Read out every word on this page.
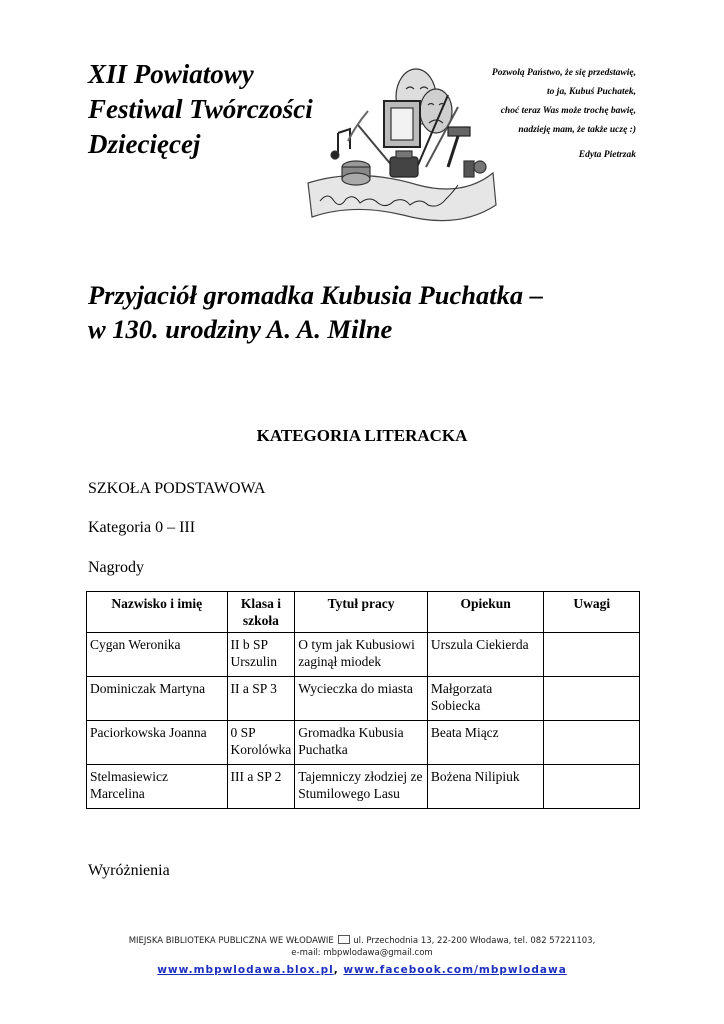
XII Powiatowy
Festiwal Twórczości
Dziecięcej
Pozwolą Państwo, że się przedstawię,
to ja, Kubuś Puchatek,
choć teraz Was może trochę bawię,
nadzieję mam, że także uczę :)
Edyta Pietrzak
Przyjaciół gromadka Kubusia Puchatka –
w 130. urodziny A. A. Milne
KATEGORIA LITERACKA
SZKOŁA PODSTAWOWA
Kategoria 0 – III
Nagrody
Nazwisko i imię	Klasa i szkoła	Tytuł pracy	Opiekun	Uwagi
Cygan Weronika	II b SP Urszulin	O tym jak Kubusiowi zaginął miodek	Urszula Ciekierda	
Dominiczak Martyna	II a SP 3	Wycieczka do miasta	Małgorzata Sobiecka	
Paciorkowska Joanna	0 SP Korolówka	Gromadka Kubusia Puchatka	Beata Miącz	
Stelmasiewicz Marcelina	III a SP 2	Tajemniczy złodziej ze Stumilowego Lasu	Bożena Nilipiuk	
Wyróżnienia
MIEJSKA BIBLIOTEKA PUBLICZNA WE WŁODAWIE ul. Przechodnia 13, 22-200 Włodawa, tel. 082 57221103,
e-mail: mbpwlodawa@gmail.com
www.mbpwlodawa.blox.pl, www.facebook.com/mbpwlodawa
